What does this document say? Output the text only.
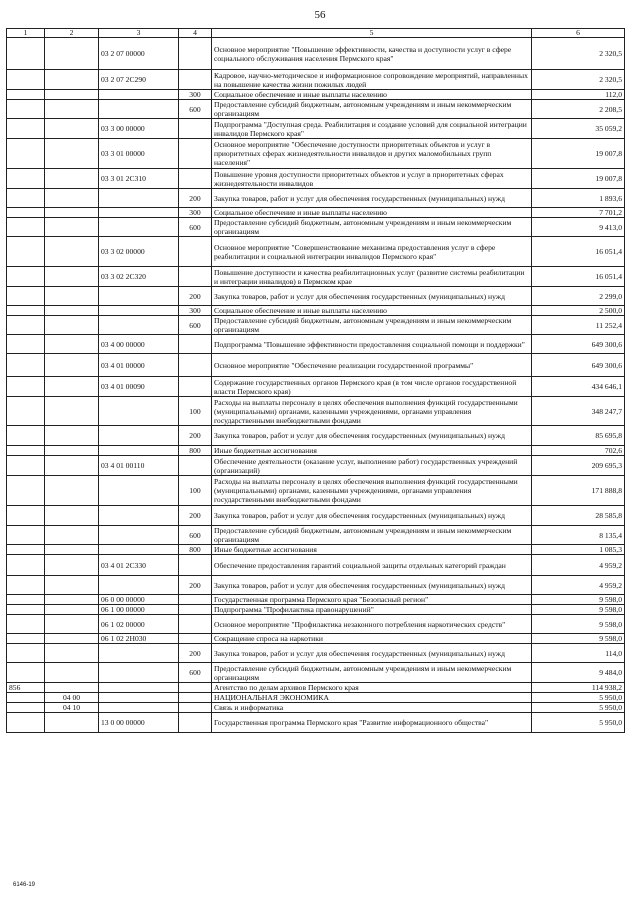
56
1	2	3	4	5	6
		03 2 07 00000		Основное мероприятие "Повышение эффективности, качества и доступности услуг в сфере социального обслуживания населения Пермского края"	2 320,5
		03 2 07 2С290		Кадровое, научно-методическое и информационное сопровождение мероприятий, направленных на повышение качества жизни пожилых людей	2 320,5
			300	Социальное обеспечение и иные выплаты населению	112,0
			600	Предоставление субсидий бюджетным, автономным учреждениям и иным некоммерческим организациям	2 208,5
		03 3 00 00000		Подпрограмма "Доступная среда. Реабилитация и создание условий для социальной интеграции инвалидов Пермского края"	35 059,2
		03 3 01 00000		Основное мероприятие "Обеспечение доступности приоритетных объектов и услуг в приоритетных сферах жизнедеятельности инвалидов и других маломобильных групп населения"	19 007,8
		03 3 01 2С310		Повышение уровня доступности приоритетных объектов и услуг в приоритетных сферах жизнедеятельности инвалидов	19 007,8
			200	Закупка товаров, работ и услуг для обеспечения государственных (муниципальных) нужд	1 893,6
			300	Социальное обеспечение и иные выплаты населению	7 701,2
			600	Предоставление субсидий бюджетным, автономным учреждениям и иным некоммерческим организациям	9 413,0
		03 3 02 00000		Основное мероприятие "Совершенствование механизма предоставления услуг в сфере реабилитации и социальной интеграции инвалидов Пермского края"	16 051,4
		03 3 02 2С320		Повышение доступности и качества реабилитационных услуг (развитие системы реабилитации и интеграции инвалидов) в Пермском крае	16 051,4
			200	Закупка товаров, работ и услуг для обеспечения государственных (муниципальных) нужд	2 299,0
			300	Социальное обеспечение и иные выплаты населению	2 500,0
			600	Предоставление субсидий бюджетным, автономным учреждениям и иным некоммерческим организациям	11 252,4
		03 4 00 00000		Подпрограмма "Повышение эффективности предоставления социальной помощи и поддержки"	649 300,6
		03 4 01 00000		Основное мероприятие "Обеспечение реализации государственной программы"	649 300,6
		03 4 01 00090		Содержание государственных органов Пермского края (в том числе органов государственной власти Пермского края)	434 646,1
			100	Расходы на выплаты персоналу в целях обеспечения выполнения функций государственными (муниципальными) органами, казенными учреждениями, органами управления государственными внебюджетными фондами	348 247,7
			200	Закупка товаров, работ и услуг для обеспечения государственных (муниципальных) нужд	85 695,8
			800	Иные бюджетные ассигнования	702,6
		03 4 01 00110		Обеспечение деятельности (оказание услуг, выполнение работ) государственных учреждений (организаций)	209 695,3
			100	Расходы на выплаты персоналу в целях обеспечения выполнения функций государственными (муниципальными) органами, казенными учреждениями, органами управления государственными внебюджетными фондами	171 888,8
			200	Закупка товаров, работ и услуг для обеспечения государственных (муниципальных) нужд	28 585,8
			600	Предоставление субсидий бюджетным, автономным учреждениям и иным некоммерческим организациям	8 135,4
			800	Иные бюджетные ассигнования	1 085,3
		03 4 01 2С330		Обеспечение предоставления гарантий социальной защиты отдельных категорий граждан	4 959,2
			200	Закупка товаров, работ и услуг для обеспечения государственных (муниципальных) нужд	4 959,2
		06 0 00 00000		Государственная программа Пермского края "Безопасный регион"	9 598,0
		06 1 00 00000		Подпрограмма "Профилактика правонарушений"	9 598,0
		06 1 02 00000		Основное мероприятие "Профилактика незаконного потребления наркотических средств"	9 598,0
		06 1 02 2Н030		Сокращение спроса на наркотики	9 598,0
			200	Закупка товаров, работ и услуг для обеспечения государственных (муниципальных) нужд	114,0
			600	Предоставление субсидий бюджетным, автономным учреждениям и иным некоммерческим организациям	9 484,0
856				Агентство по делам архивов Пермского края	114 938,2
	04 00			НАЦИОНАЛЬНАЯ ЭКОНОМИКА	5 950,0
	04 10			Связь и информатика	5 950,0
		13 0 00 00000		Государственная программа Пермского края "Развитие информационного общества"	5 950,0
6146-19
